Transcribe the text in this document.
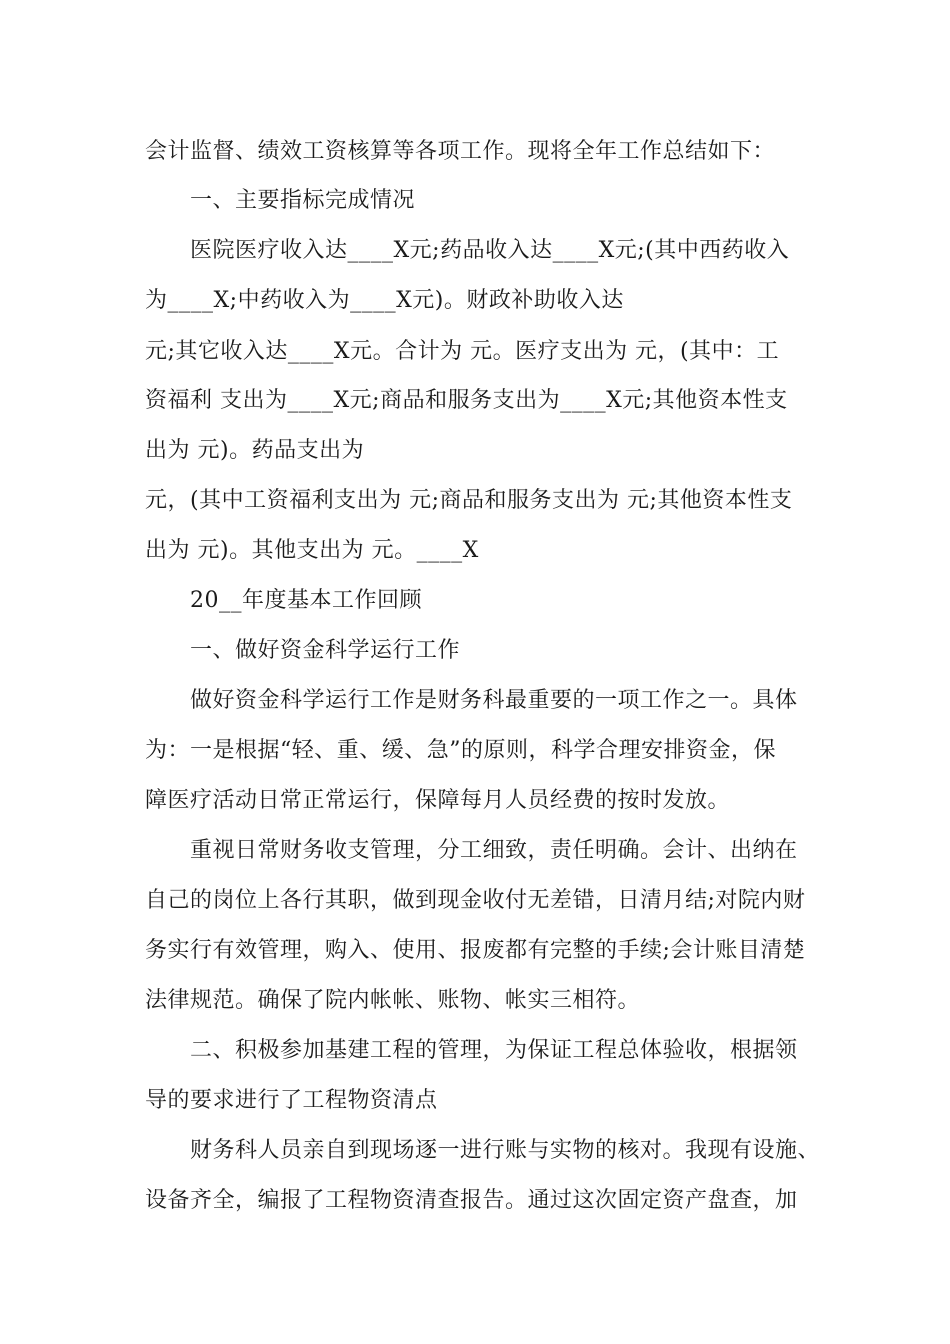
会计监督、绩效工资核算等各项工作。现将全年工作总结如下：

一、主要指标完成情况

医院医疗收入达____X元;药品收入达____X元;(其中西药收入

为____X;中药收入为____X元)。财政补助收入达

元;其它收入达____X元。合计为 元。医疗支出为 元，(其中：工

资福利 支出为____X元;商品和服务支出为____X元;其他资本性支

出为 元)。药品支出为

元，(其中工资福利支出为 元;商品和服务支出为 元;其他资本性支

出为 元)。其他支出为 元。____X

20__年度基本工作回顾

一、做好资金科学运行工作

做好资金科学运行工作是财务科最重要的一项工作之一。具体

为：一是根据“轻、重、缓、急”的原则，科学合理安排资金，保

障医疗活动日常正常运行，保障每月人员经费的按时发放。

重视日常财务收支管理，分工细致，责任明确。会计、出纳在

自己的岗位上各行其职，做到现金收付无差错，日清月结;对院内财

务实行有效管理，购入、使用、报废都有完整的手续;会计账目清楚

法律规范。确保了院内帐帐、账物、帐实三相符。

二、积极参加基建工程的管理，为保证工程总体验收，根据领

导的要求进行了工程物资清点

财务科人员亲自到现场逐一进行账与实物的核对。我现有设施、

设备齐全，编报了工程物资清查报告。通过这次固定资产盘查，加
